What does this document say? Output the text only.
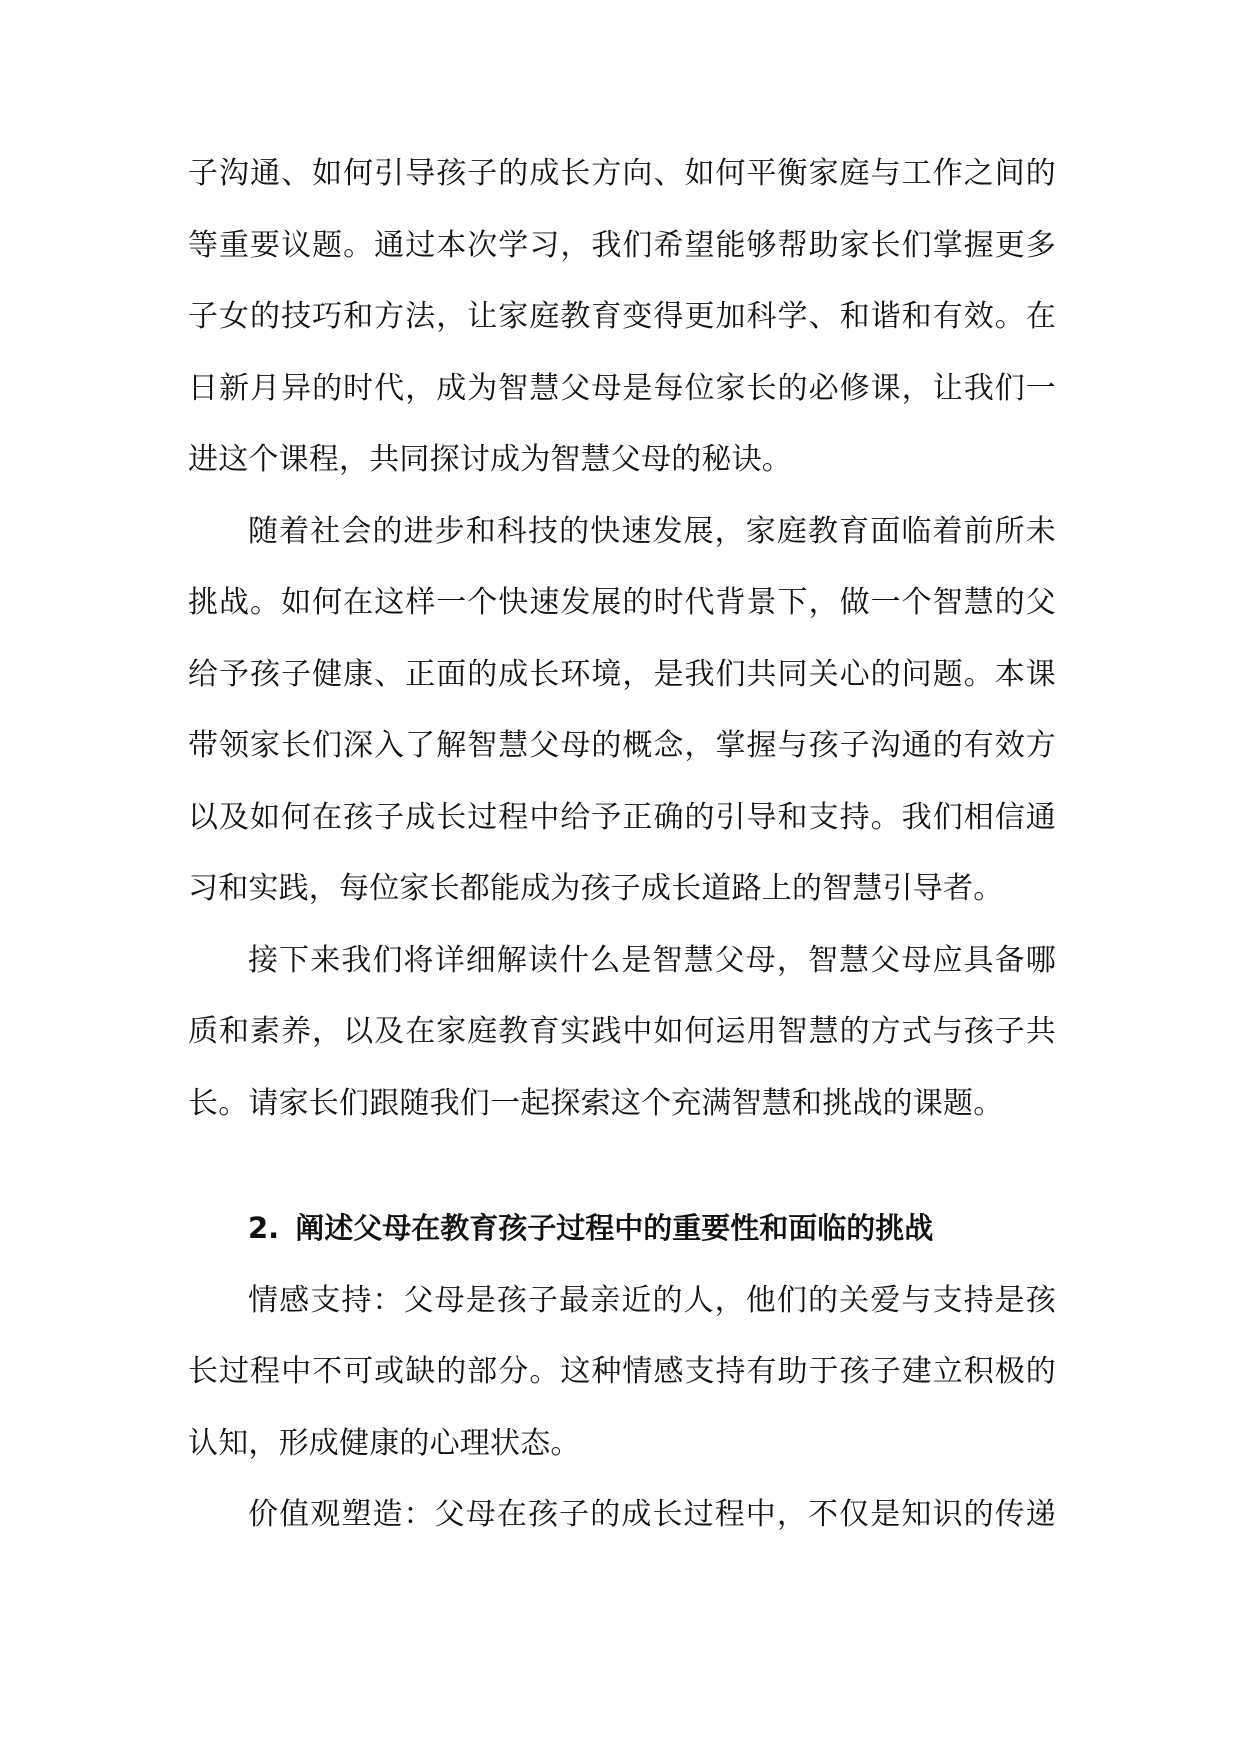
子沟通、如何引导孩子的成长方向、如何平衡家庭与工作之间的
等重要议题。通过本次学习，我们希望能够帮助家长们掌握更多
子女的技巧和方法，让家庭教育变得更加科学、和谐和有效。在
日新月异的时代，成为智慧父母是每位家长的必修课，让我们一
进这个课程，共同探讨成为智慧父母的秘诀。
随着社会的进步和科技的快速发展，家庭教育面临着前所未
挑战。如何在这样一个快速发展的时代背景下，做一个智慧的父
给予孩子健康、正面的成长环境，是我们共同关心的问题。本课
带领家长们深入了解智慧父母的概念，掌握与孩子沟通的有效方
以及如何在孩子成长过程中给予正确的引导和支持。我们相信通
习和实践，每位家长都能成为孩子成长道路上的智慧引导者。
接下来我们将详细解读什么是智慧父母，智慧父母应具备哪
质和素养，以及在家庭教育实践中如何运用智慧的方式与孩子共
长。请家长们跟随我们一起探索这个充满智慧和挑战的课题。
2. 阐述父母在教育孩子过程中的重要性和面临的挑战
情感支持：父母是孩子最亲近的人，他们的关爱与支持是孩
长过程中不可或缺的部分。这种情感支持有助于孩子建立积极的
认知，形成健康的心理状态。
价值观塑造：父母在孩子的成长过程中，不仅是知识的传递
